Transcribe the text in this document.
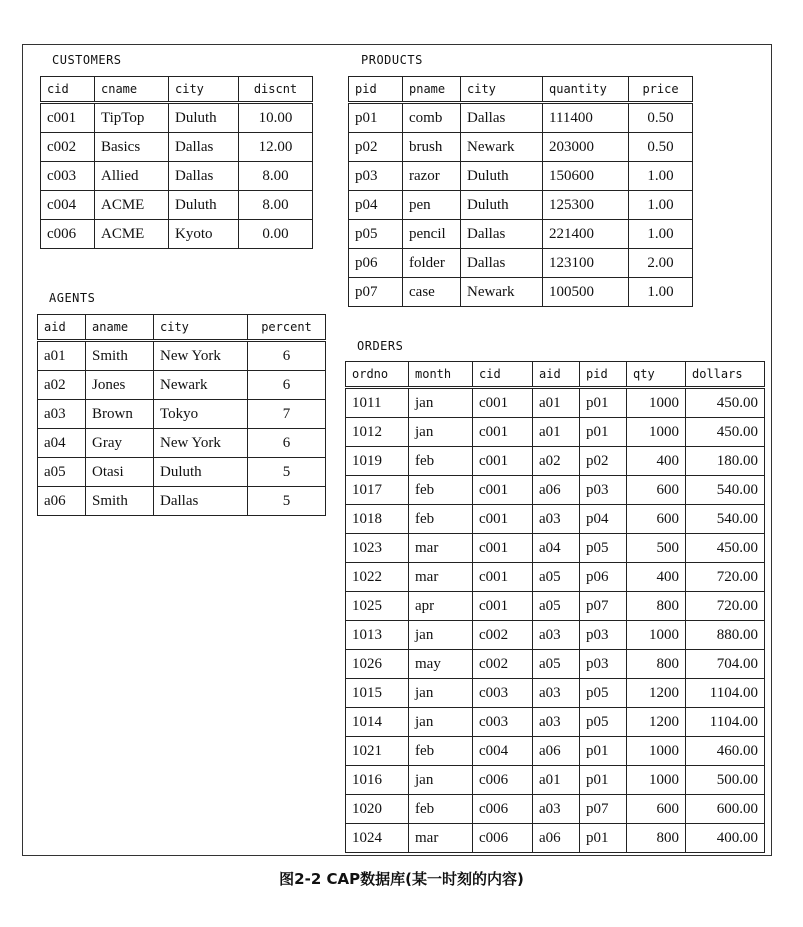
CUSTOMERS
cid	cname	city	discnt
c001	TipTop	Duluth	10.00
c002	Basics	Dallas	12.00
c003	Allied	Dallas	8.00
c004	ACME	Duluth	8.00
c006	ACME	Kyoto	0.00
PRODUCTS
pid	pname	city	quantity	price
p01	comb	Dallas	111400	0.50
p02	brush	Newark	203000	0.50
p03	razor	Duluth	150600	1.00
p04	pen	Duluth	125300	1.00
p05	pencil	Dallas	221400	1.00
p06	folder	Dallas	123100	2.00
p07	case	Newark	100500	1.00
AGENTS
aid	aname	city	percent
a01	Smith	New York	6
a02	Jones	Newark	6
a03	Brown	Tokyo	7
a04	Gray	New York	6
a05	Otasi	Duluth	5
a06	Smith	Dallas	5
ORDERS
ordno	month	cid	aid	pid	qty	dollars
1011	jan	c001	a01	p01	1000	450.00
1012	jan	c001	a01	p01	1000	450.00
1019	feb	c001	a02	p02	400	180.00
1017	feb	c001	a06	p03	600	540.00
1018	feb	c001	a03	p04	600	540.00
1023	mar	c001	a04	p05	500	450.00
1022	mar	c001	a05	p06	400	720.00
1025	apr	c001	a05	p07	800	720.00
1013	jan	c002	a03	p03	1000	880.00
1026	may	c002	a05	p03	800	704.00
1015	jan	c003	a03	p05	1200	1104.00
1014	jan	c003	a03	p05	1200	1104.00
1021	feb	c004	a06	p01	1000	460.00
1016	jan	c006	a01	p01	1000	500.00
1020	feb	c006	a03	p07	600	600.00
1024	mar	c006	a06	p01	800	400.00
图2-2 CAP数据库(某一时刻的内容)
